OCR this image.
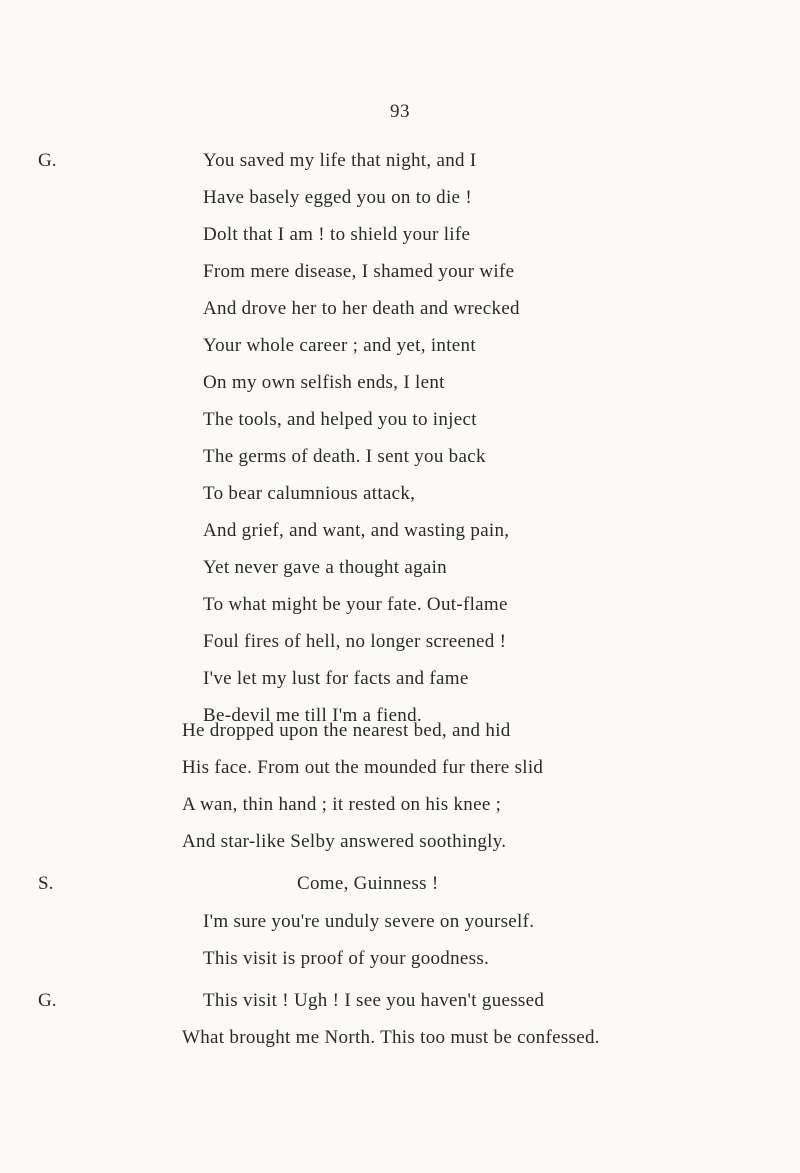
93
G.
S.
G.
You saved my life that night, and I
Have basely egged you on to die !
Dolt that I am ! to shield your life
From mere disease, I shamed your wife
And drove her to her death and wrecked
Your whole career ; and yet, intent
On my own selfish ends, I lent
The tools, and helped you to inject
The germs of death. I sent you back
To bear calumnious attack,
And grief, and want, and wasting pain,
Yet never gave a thought again
To what might be your fate. Out-flame
Foul fires of hell, no longer screened !
I've let my lust for facts and fame
Be-devil me till I'm a fiend.
He dropped upon the nearest bed, and hid
His face. From out the mounded fur there slid
A wan, thin hand ; it rested on his knee ;
And star-like Selby answered soothingly.
Come, Guinness !
I'm sure you're unduly severe on yourself.
This visit is proof of your goodness.
This visit ! Ugh ! I see you haven't guessed
What brought me North. This too must be confessed.
